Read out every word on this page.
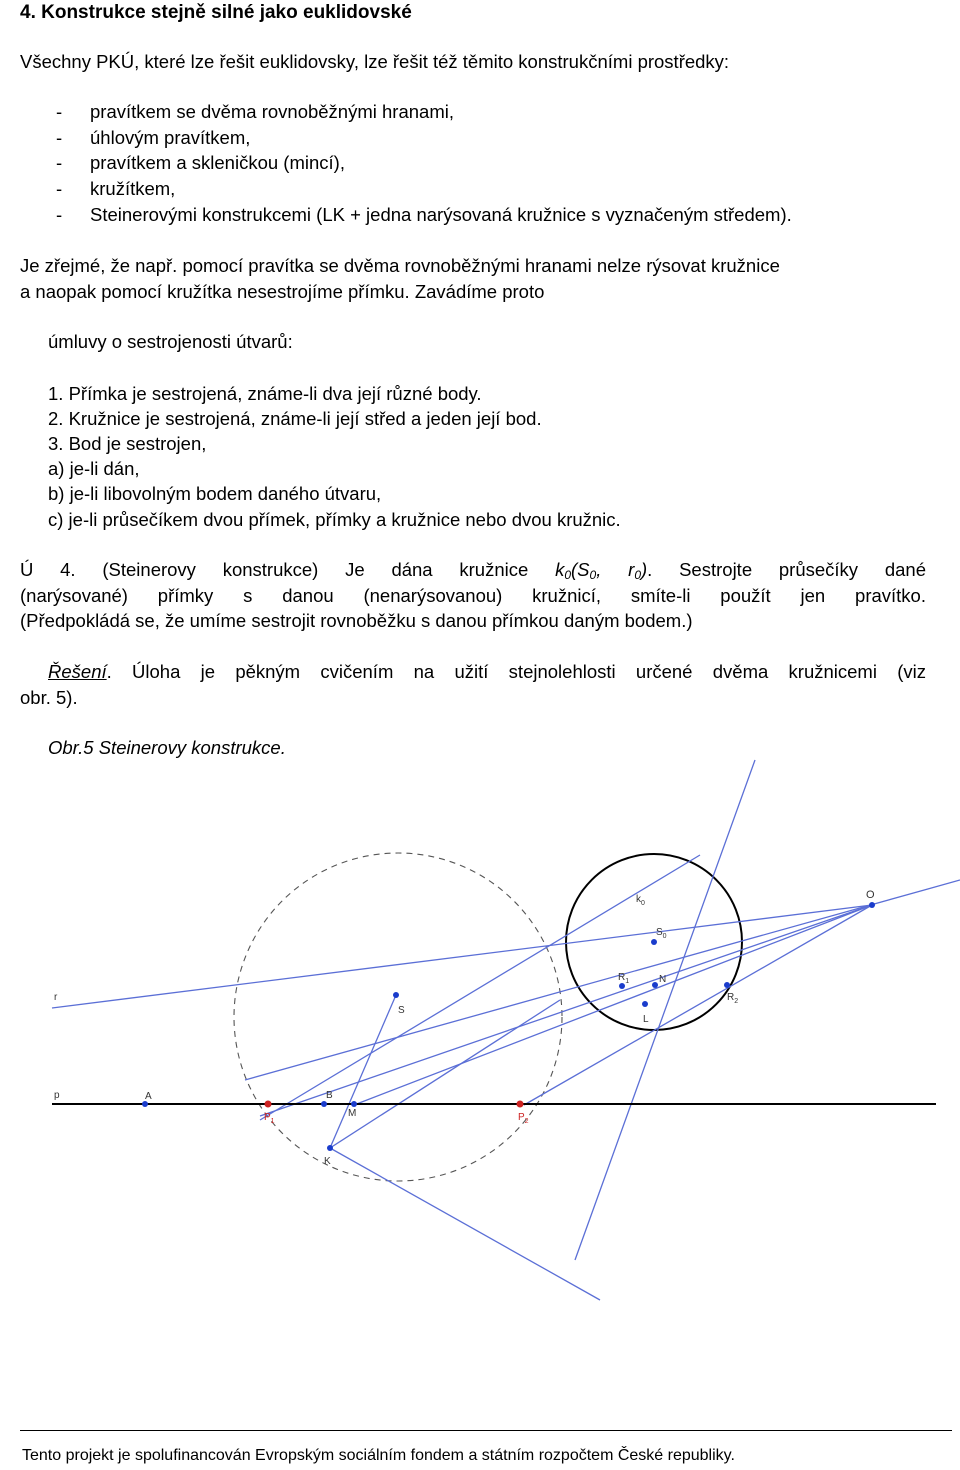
4. Konstrukce stejně silné jako euklidovské
Všechny PKÚ, které lze řešit euklidovsky, lze řešit též těmito konstrukčními prostředky:
- pravítkem se dvěma rovnoběžnými hranami,
- úhlovým pravítkem,
- pravítkem a skleničkou (mincí),
- kružítkem,
- Steinerovými konstrukcemi (LK + jedna narýsovaná kružnice s vyznačeným středem).
Je zřejmé, že např. pomocí pravítka se dvěma rovnoběžnými hranami nelze rýsovat kružnice
a naopak pomocí kružítka nesestrojíme přímku. Zavádíme proto
úmluvy o sestrojenosti útvarů:
1. Přímka je sestrojená, známe-li dva její různé body.
2. Kružnice je sestrojená, známe-li její střed a jeden její bod.
3. Bod je sestrojen,
a) je-li dán,
b) je-li libovolným bodem daného útvaru,
c) je-li průsečíkem dvou přímek, přímky a kružnice nebo dvou kružnic.
Ú 4. (Steinerovy konstrukce) Je dána kružnice $k_0(S_0$, $r_0$). Sestrojte průsečíky dané
(narýsované) přímky s danou (nenarýsovanou) kružnicí, smíte-li použít jen pravítko.
(Předpokládá se, že umíme sestrojit rovnoběžku s danou přímkou daným bodem.)
Řešení. Úloha je pěkným cvičením na užití stejnolehlosti určené dvěma kružnicemi (viz
obr. 5).
Obr.5 Steinerovy konstrukce.
O
$k_0$
$S_0$
$R_1$	N
$R_2$
L
r
S
p	A	B
M
$P_1$	$P_2$
K
Tento projekt je spolufinancován Evropským sociálním fondem a státním rozpočtem České republiky.
